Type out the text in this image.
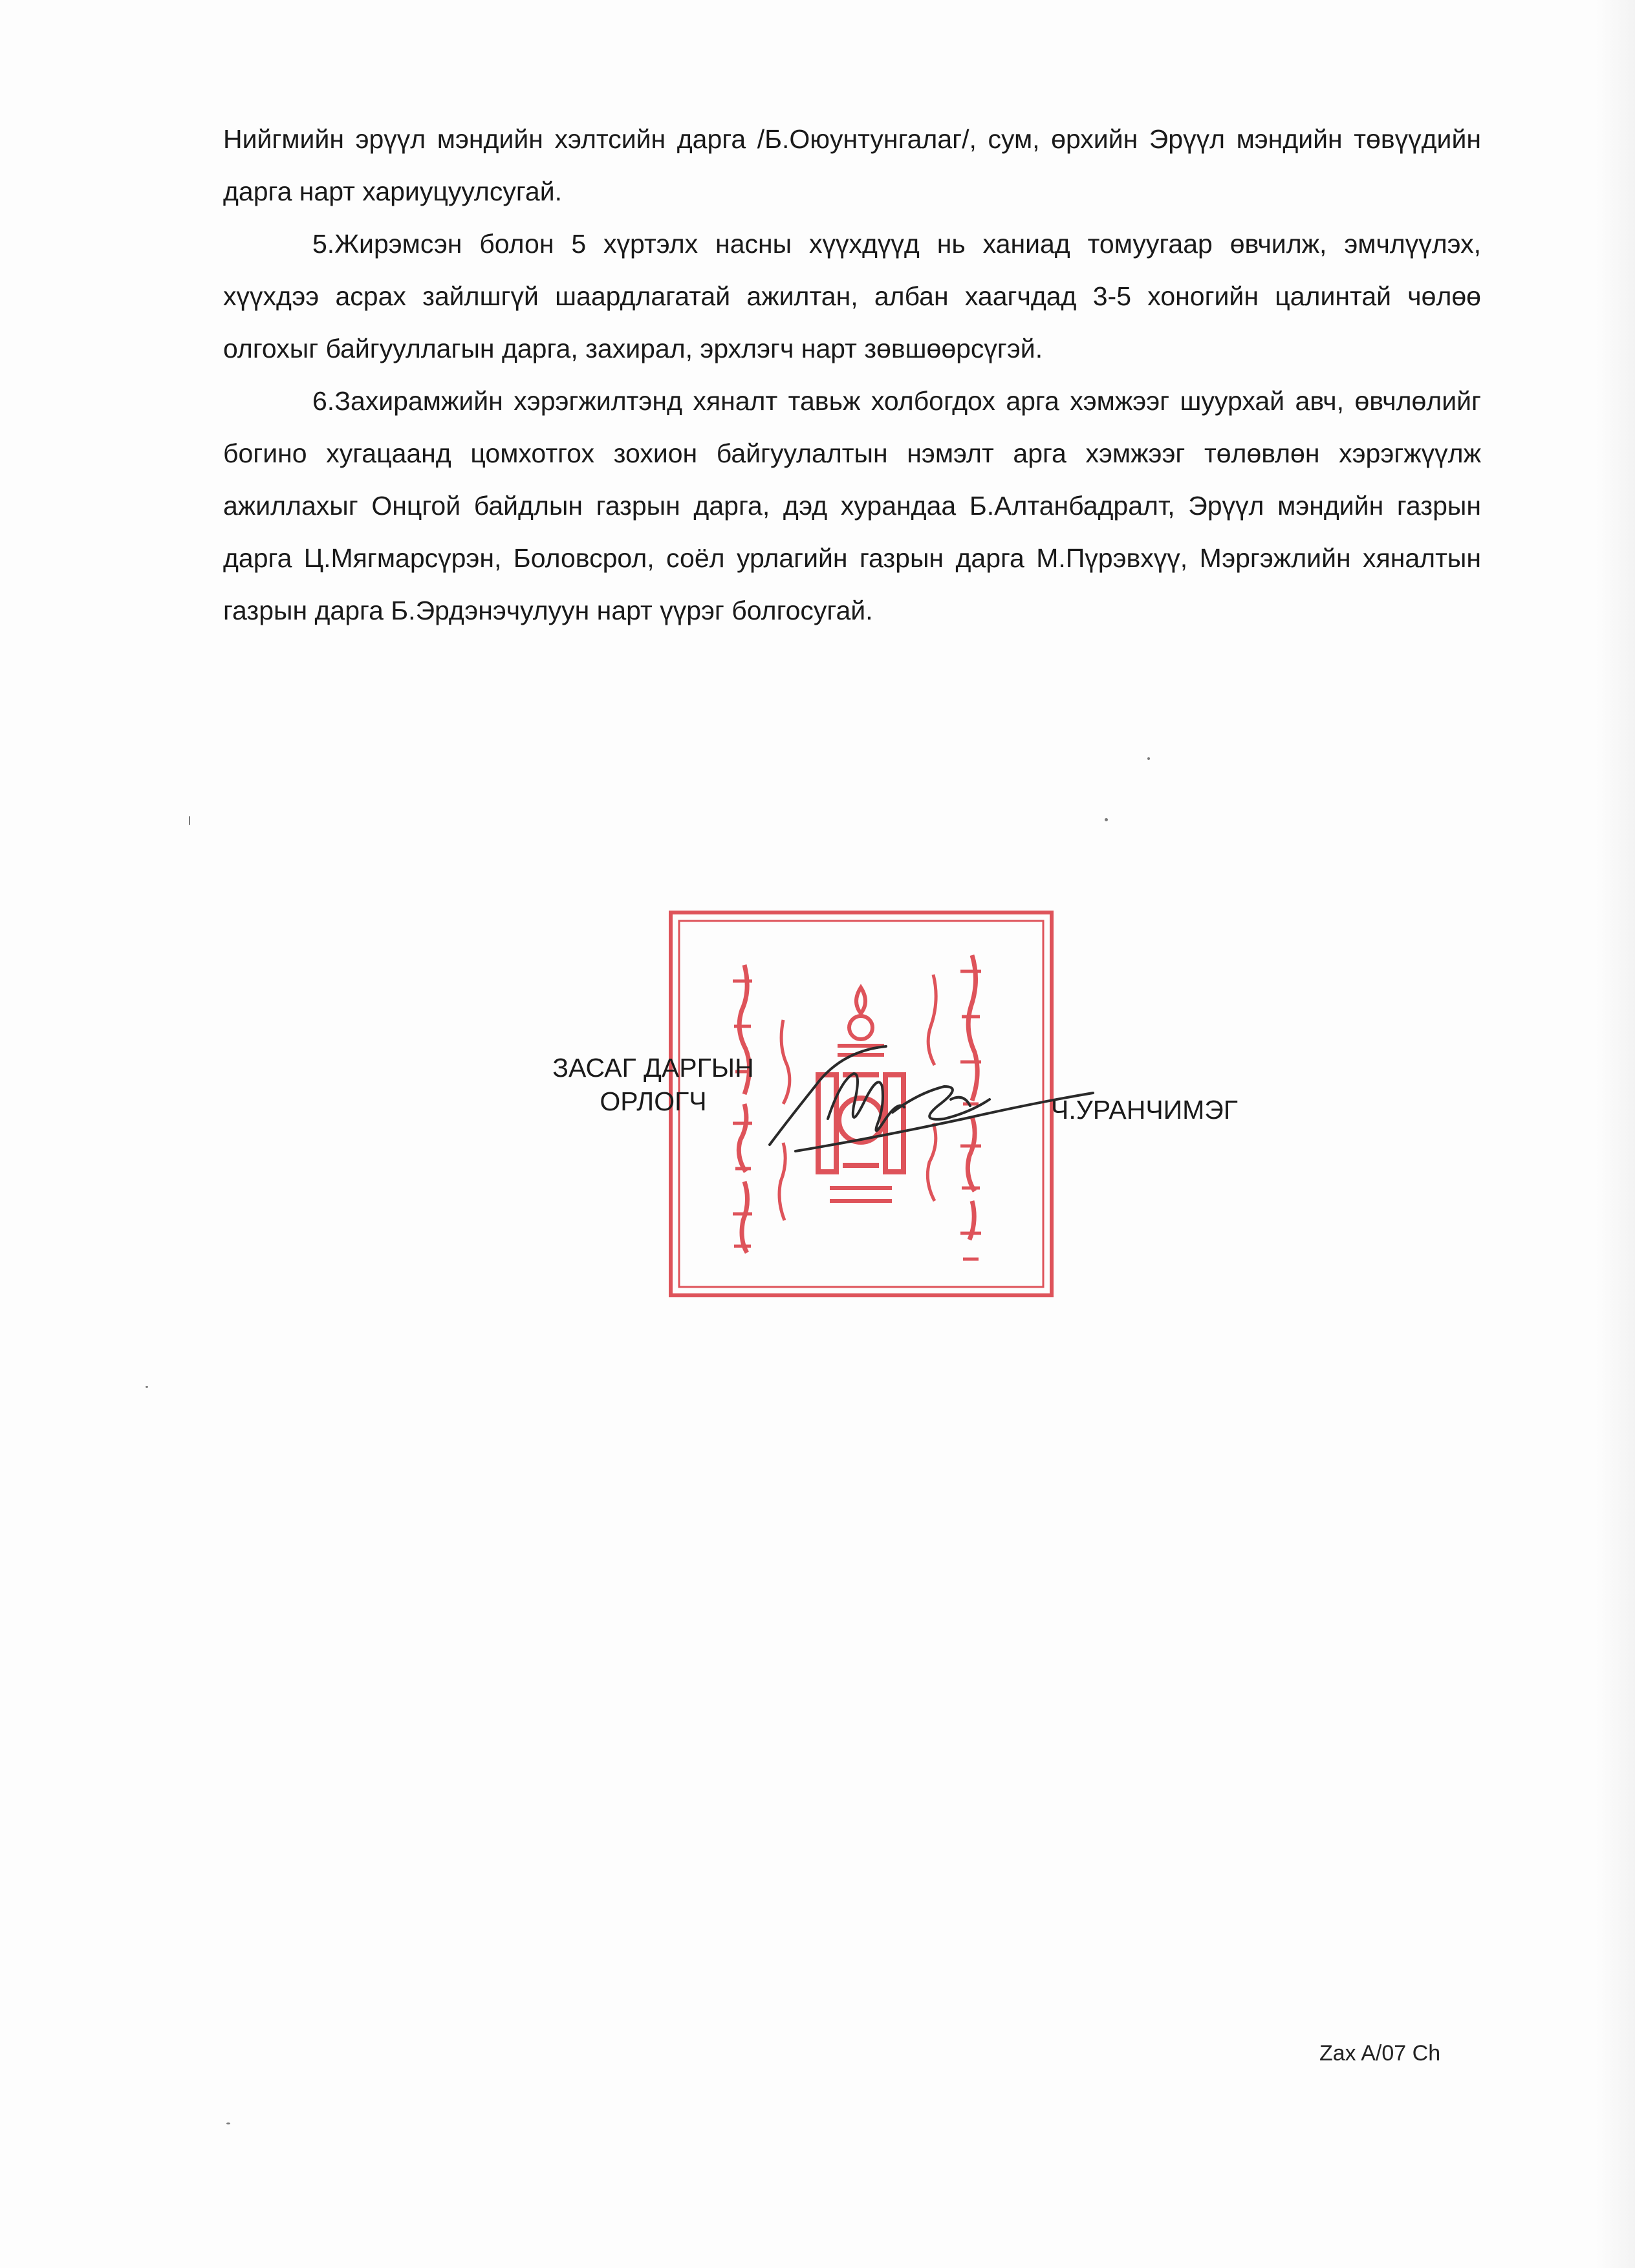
Нийгмийн эрүүл мэндийн хэлтсийн дарга /Б.Оюунтунгалаг/, сум, өрхийн Эрүүл мэндийн төвүүдийн дарга нарт хариуцуулсугай.

5.Жирэмсэн болон 5 хүртэлх насны хүүхдүүд нь ханиад томуугаар өвчилж, эмчлүүлэх, хүүхдээ асрах зайлшгүй шаардлагатай ажилтан, албан хаагчдад 3-5 хоногийн цалинтай чөлөө олгохыг байгууллагын дарга, захирал, эрхлэгч нарт зөвшөөрсүгэй.

6.Захирамжийн хэрэгжилтэнд хяналт тавьж холбогдох арга хэмжээг шуурхай авч, өвчлөлийг богино хугацаанд цомхотгох зохион байгуулалтын нэмэлт арга хэмжээг төлөвлөн хэрэгжүүлж ажиллахыг Онцгой байдлын газрын дарга, дэд хурандаа Б.Алтанбадралт, Эрүүл мэндийн газрын дарга Ц.Мягмарсүрэн, Боловсрол, соёл урлагийн газрын дарга М.Пүрэвхүү, Мэргэжлийн хяналтын газрын дарга Б.Эрдэнэчулуун нарт үүрэг болгосугай.

ЗАСАГ ДАРГЫН
ОРЛОГЧ	Ч.УРАНЧИМЭГ
Zax A/07 Ch
